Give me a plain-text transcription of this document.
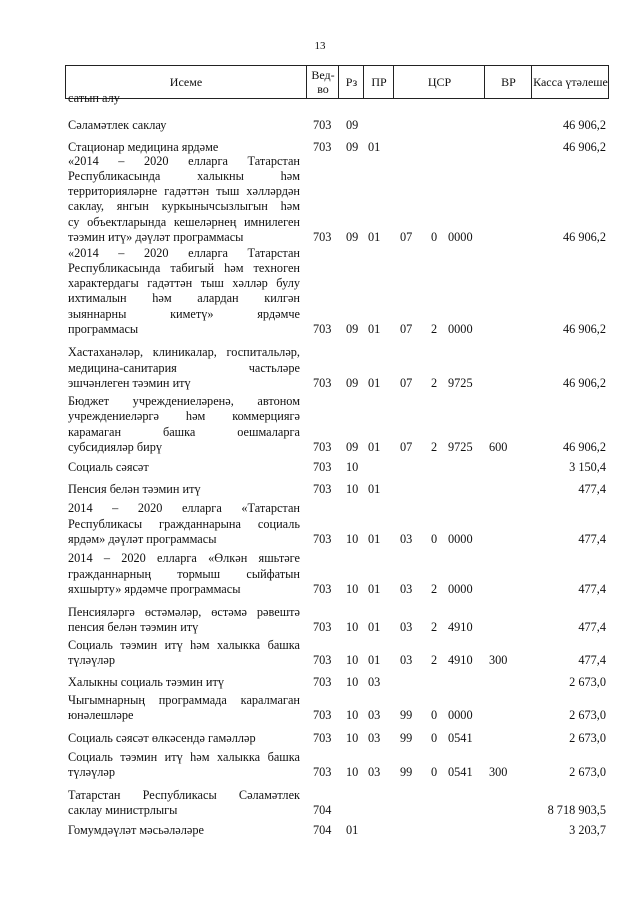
13
Исеме	Вед-во	Рз	ПР	ЦСР	ВР	Касса үтәлеше
сатып алу
Сәламәтлек саклау	703 09	46 906,2
Стационар медицина ярдәме	703 09 01	46 906,2
«2014 – 2020 елларга Татарстан
Республикасында халыкны һәм
территорияләрне гадәттән тыш хәлләрдән
саклау, янгын куркынычсызлыгын һәм
су объектларында кешеләрнең имнилеген
тәэмин итү» дәүләт программасы	703 09 01 07 0 0000	46 906,2
«2014 – 2020 елларга Татарстан
Республикасында табигый һәм техноген
характердагы гадәттән тыш хәлләр булу
ихтималын һәм алардан килгән
зыяннарны киметү» ярдәмче
программасы	703 09 01 07 2 0000	46 906,2
Хастаханәләр, клиникалар, госпитальләр,
медицина-санитария частьләре
эшчәнлеген тәэмин итү	703 09 01 07 2 9725	46 906,2
Бюджет учреждениеләренә, автоном
учреждениеләргә һәм коммерциягә
карамаган башка оешмаларга
субсидияләр бирү	703 09 01 07 2 9725 600	46 906,2
Социаль сәясәт	703 10	3 150,4
Пенсия белән тәэмин итү	703 10 01	477,4
2014 – 2020 елларга «Татарстан
Республикасы гражданнарына социаль
ярдәм» дәүләт программасы	703 10 01 03 0 0000	477,4
2014 – 2020 елларга «Өлкән яшьтәге
гражданнарның тормыш сыйфатын
яхшырту» ярдәмче программасы	703 10 01 03 2 0000	477,4
Пенсияләргә өстәмәләр, өстәмә рәвештә
пенсия белән тәэмин итү	703 10 01 03 2 4910	477,4
Социаль тәэмин итү һәм халыкка башка
түләүләр	703 10 01 03 2 4910 300	477,4
Халыкны социаль тәэмин итү	703 10 03	2 673,0
Чыгымнарның программада каралмаган
юнәлешләре	703 10 03 99 0 0000	2 673,0
Социаль сәясәт өлкәсендә гамәлләр	703 10 03 99 0 0541	2 673,0
Социаль тәэмин итү һәм халыкка башка
түләүләр	703 10 03 99 0 0541 300	2 673,0
Татарстан Республикасы Сәламәтлек
саклау министрлыгы	704	8 718 903,5
Гомумдәүләт мәсьәләләре	704 01	3 203,7
